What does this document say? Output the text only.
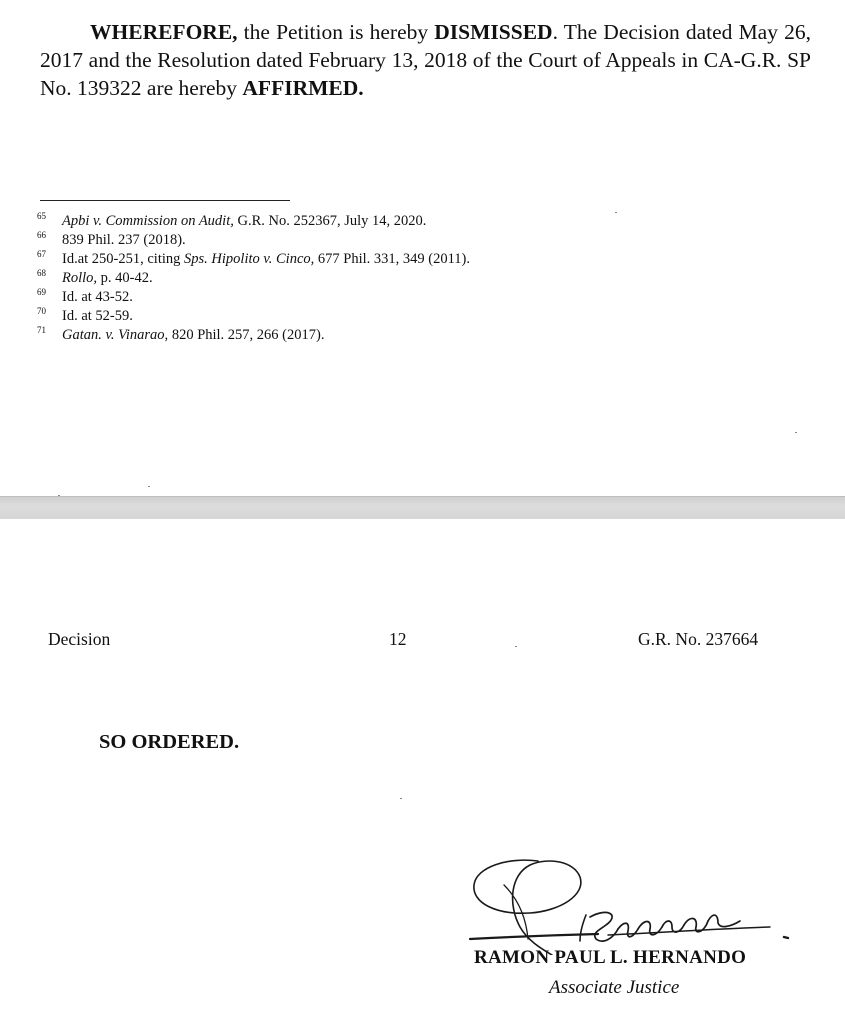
WHEREFORE, the Petition is hereby DISMISSED. The Decision dated May 26, 2017 and the Resolution dated February 13, 2018 of the Court of Appeals in CA-G.R. SP No. 139322 are hereby AFFIRMED.

$^{65}$ Apbi v. Commission on Audit, G.R. No. 252367, July 14, 2020.
$^{66}$ 839 Phil. 237 (2018).
$^{67}$ Id.at 250-251, citing Sps. Hipolito v. Cinco, 677 Phil. 331, 349 (2011).
$^{68}$ Rollo, p. 40-42.
$^{69}$ Id. at 43-52.
$^{70}$ Id. at 52-59.
$^{71}$ Gatan. v. Vinarao, 820 Phil. 257, 266 (2017).
Decision	12	G.R. No. 237664
SO ORDERED.
RAMON PAUL L. HERNANDO
Associate Justice
